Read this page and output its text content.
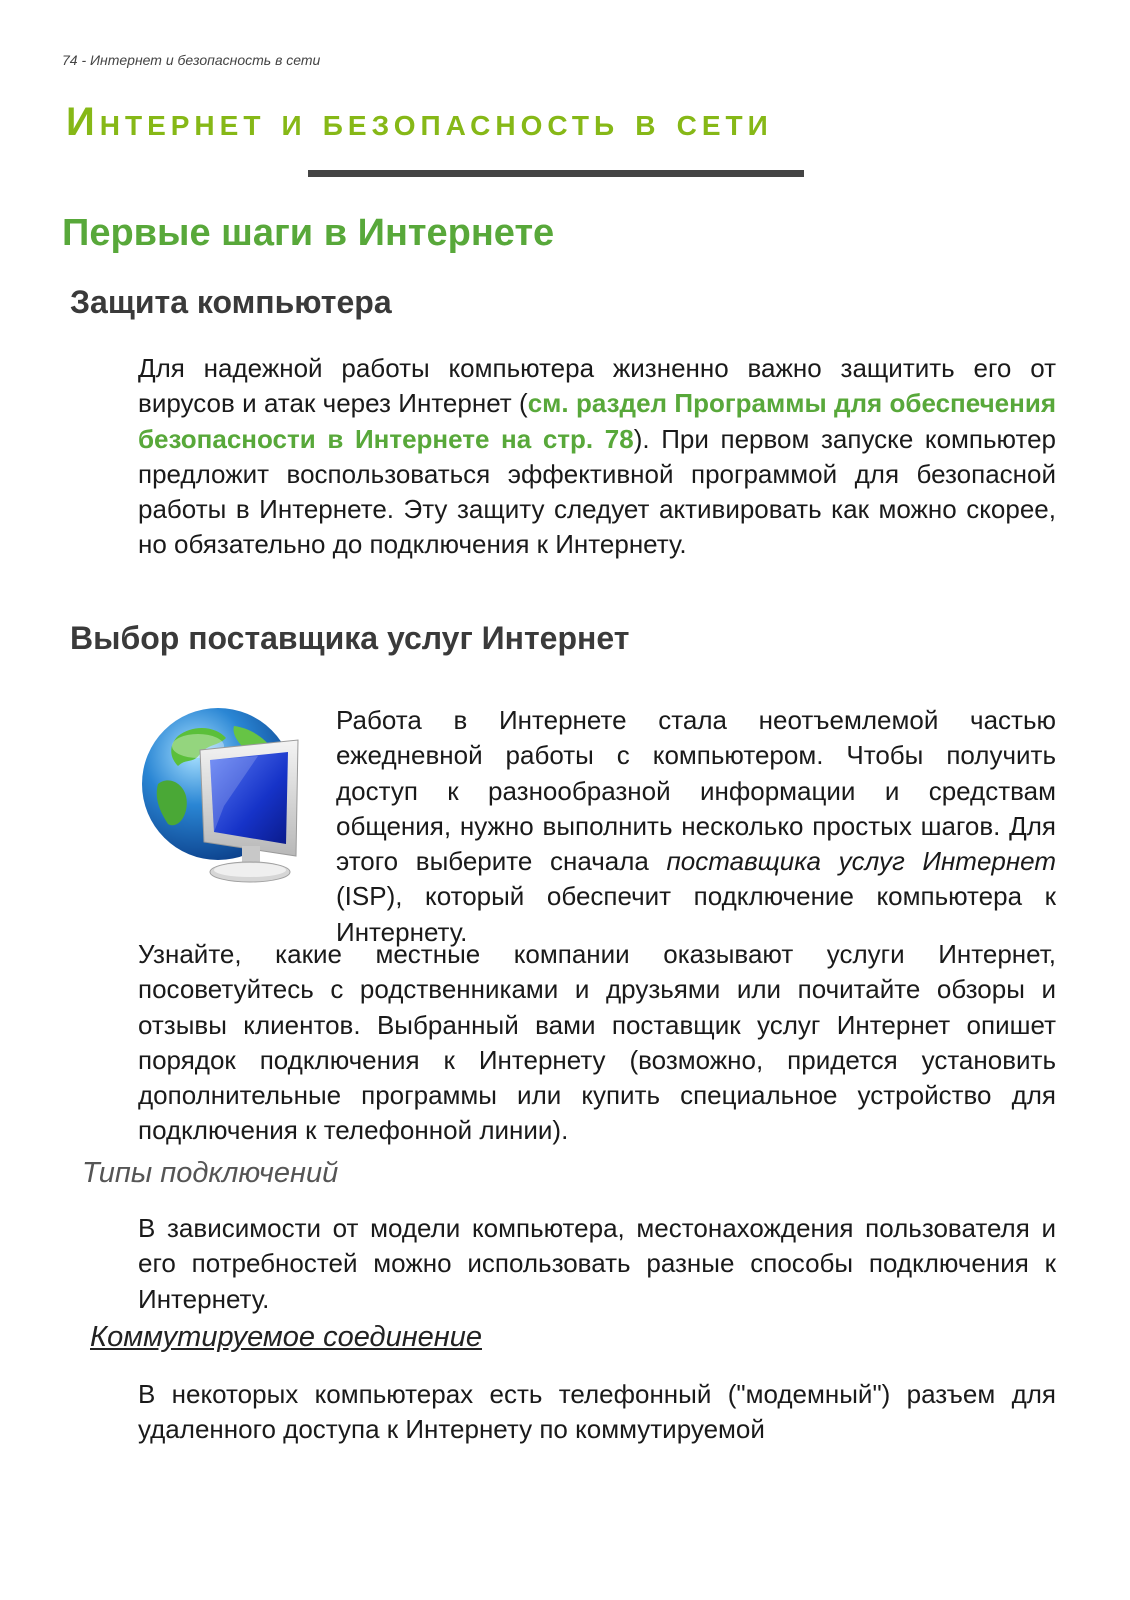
74 - Интернет и безопасность в сети
Интернет и безопасность в сети
Первые шаги в Интернете
Защита компьютера

Для надежной работы компьютера жизненно важно защитить его от вирусов и атак через Интернет (см. раздел Программы для обеспечения безопасности в Интернете на стр. 78). При первом запуске компьютер предложит воспользоваться эффективной программой для безопасной работы в Интернете. Эту защиту следует активировать как можно скорее, но обязательно до подключения к Интернету.

Выбор поставщика услуг Интернет

Работа в Интернете стала неотъемлемой частью ежедневной работы с компьютером. Чтобы получить доступ к разнообразной информации и средствам общения, нужно выполнить несколько простых шагов. Для этого выберите сначала поставщика услуг Интернет (ISP), который обеспечит подключение компьютера к Интернету.

Узнайте, какие местные компании оказывают услуги Интернет, посоветуйтесь с родственниками и друзьями или почитайте обзоры и отзывы клиентов. Выбранный вами поставщик услуг Интернет опишет порядок подключения к Интернету (возможно, придется установить дополнительные программы или купить специальное устройство для подключения к телефонной линии).

Типы подключений

В зависимости от модели компьютера, местонахождения пользователя и его потребностей можно использовать разные способы подключения к Интернету.

Коммутируемое соединение

В некоторых компьютерах есть телефонный ("модемный") разъем для удаленного доступа к Интернету по коммутируемой
